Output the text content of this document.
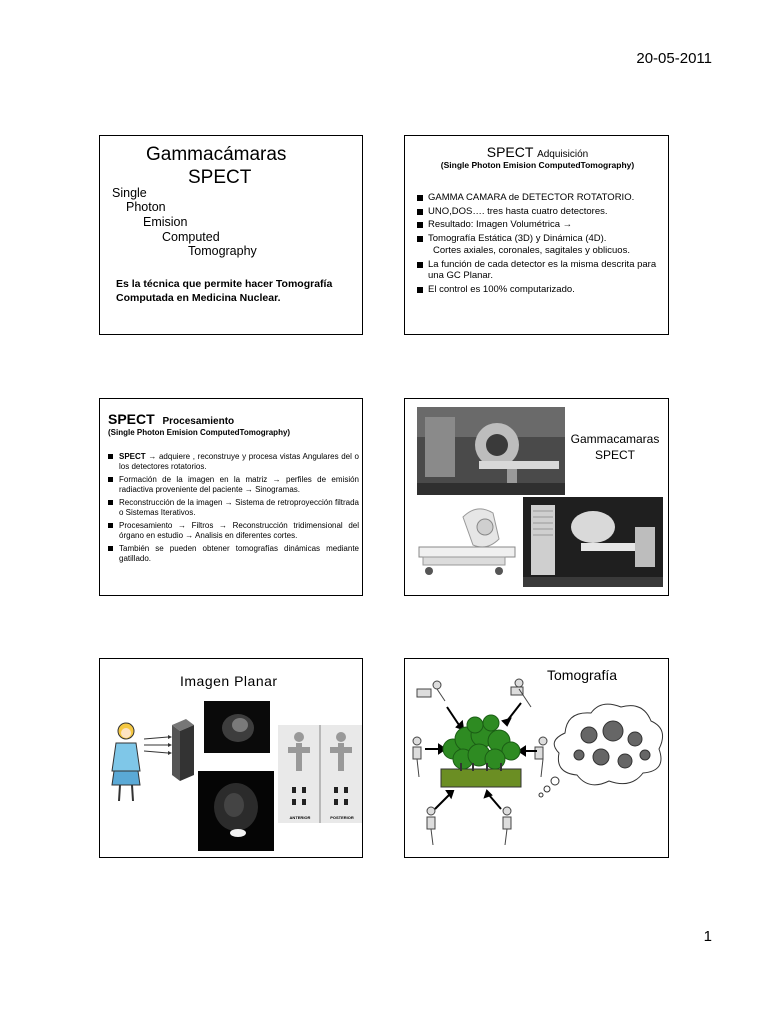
20-05-2011
Gammacámaras
SPECT
Single
Photon
Emision
Computed
Tomography
Es la técnica que permite hacer Tomografía Computada en Medicina Nuclear.
SPECT Adquisición
(Single Photon Emision ComputedTomography)
GAMMA CAMARA de DETECTOR ROTATORIO.
UNO,DOS…. tres hasta cuatro detectores.
Resultado: Imagen Volumétrica →
Tomografía Estática (3D) y Dinámica (4D).
Cortes axiales, coronales, sagitales y oblicuos.
La función de cada detector es la misma descrita para una GC Planar.
El control es 100% computarizado.
SPECT Procesamiento
(Single Photon Emision ComputedTomography)
SPECT → adquiere , reconstruye y procesa vistas Angulares del o los detectores rotatorios.
Formación de la imagen en la matriz → perfiles de emisión radiactiva proveniente del paciente → Sinogramas.
Reconstrucción de la imagen → Sistema de retroproyección filtrada o Sistemas Iterativos.
Procesamiento → Filtros → Reconstrucción tridimensional del órgano en estudio → Analisis en diferentes cortes.
También se pueden obtener tomografías dinámicas mediante gatillado.
Gammacamaras
SPECT
Imagen Planar
ANTERIOR	POSTERIOR
Tomografía
1
